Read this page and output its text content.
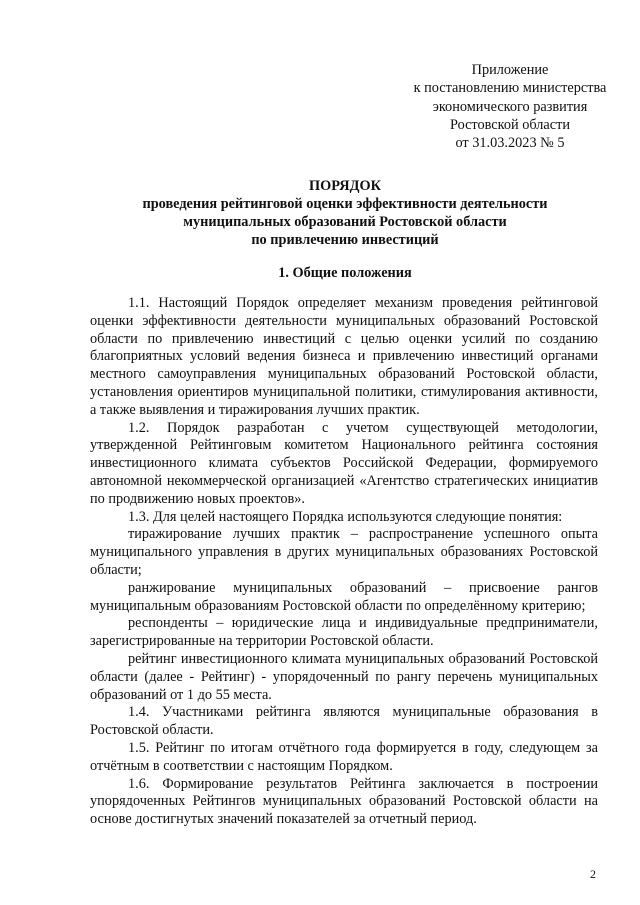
Приложение
к постановлению министерства
экономического развития
Ростовской области
от 31.03.2023 № 5
ПОРЯДОК
проведения рейтинговой оценки эффективности деятельности
муниципальных образований Ростовской области
по привлечению инвестиций
1. Общие положения

1.1. Настоящий Порядок определяет механизм проведения рейтинговой оценки эффективности деятельности муниципальных образований Ростовской области по привлечению инвестиций с целью оценки усилий по созданию благоприятных условий ведения бизнеса и привлечению инвестиций органами местного самоуправления муниципальных образований Ростовской области, установления ориентиров муниципальной политики, стимулирования активности, а также выявления и тиражирования лучших практик.

1.2. Порядок разработан с учетом существующей методологии, утвержденной Рейтинговым комитетом Национального рейтинга состояния инвестиционного климата субъектов Российской Федерации, формируемого автономной некоммерческой организацией «Агентство стратегических инициатив по продвижению новых проектов».

1.3. Для целей настоящего Порядка используются следующие понятия:

тиражирование лучших практик – распространение успешного опыта муниципального управления в других муниципальных образованиях Ростовской области;

ранжирование муниципальных образований – присвоение рангов муниципальным образованиям Ростовской области по определённому критерию;

респонденты – юридические лица и индивидуальные предприниматели, зарегистрированные на территории Ростовской области.

рейтинг инвестиционного климата муниципальных образований Ростовской области (далее - Рейтинг) - упорядоченный по рангу перечень муниципальных образований от 1 до 55 места.

1.4. Участниками рейтинга являются муниципальные образования в Ростовской области.

1.5. Рейтинг по итогам отчётного года формируется в году, следующем за отчётным в соответствии с настоящим Порядком.

1.6. Формирование результатов Рейтинга заключается в построении упорядоченных Рейтингов муниципальных образований Ростовской области на основе достигнутых значений показателей за отчетный период.

2
